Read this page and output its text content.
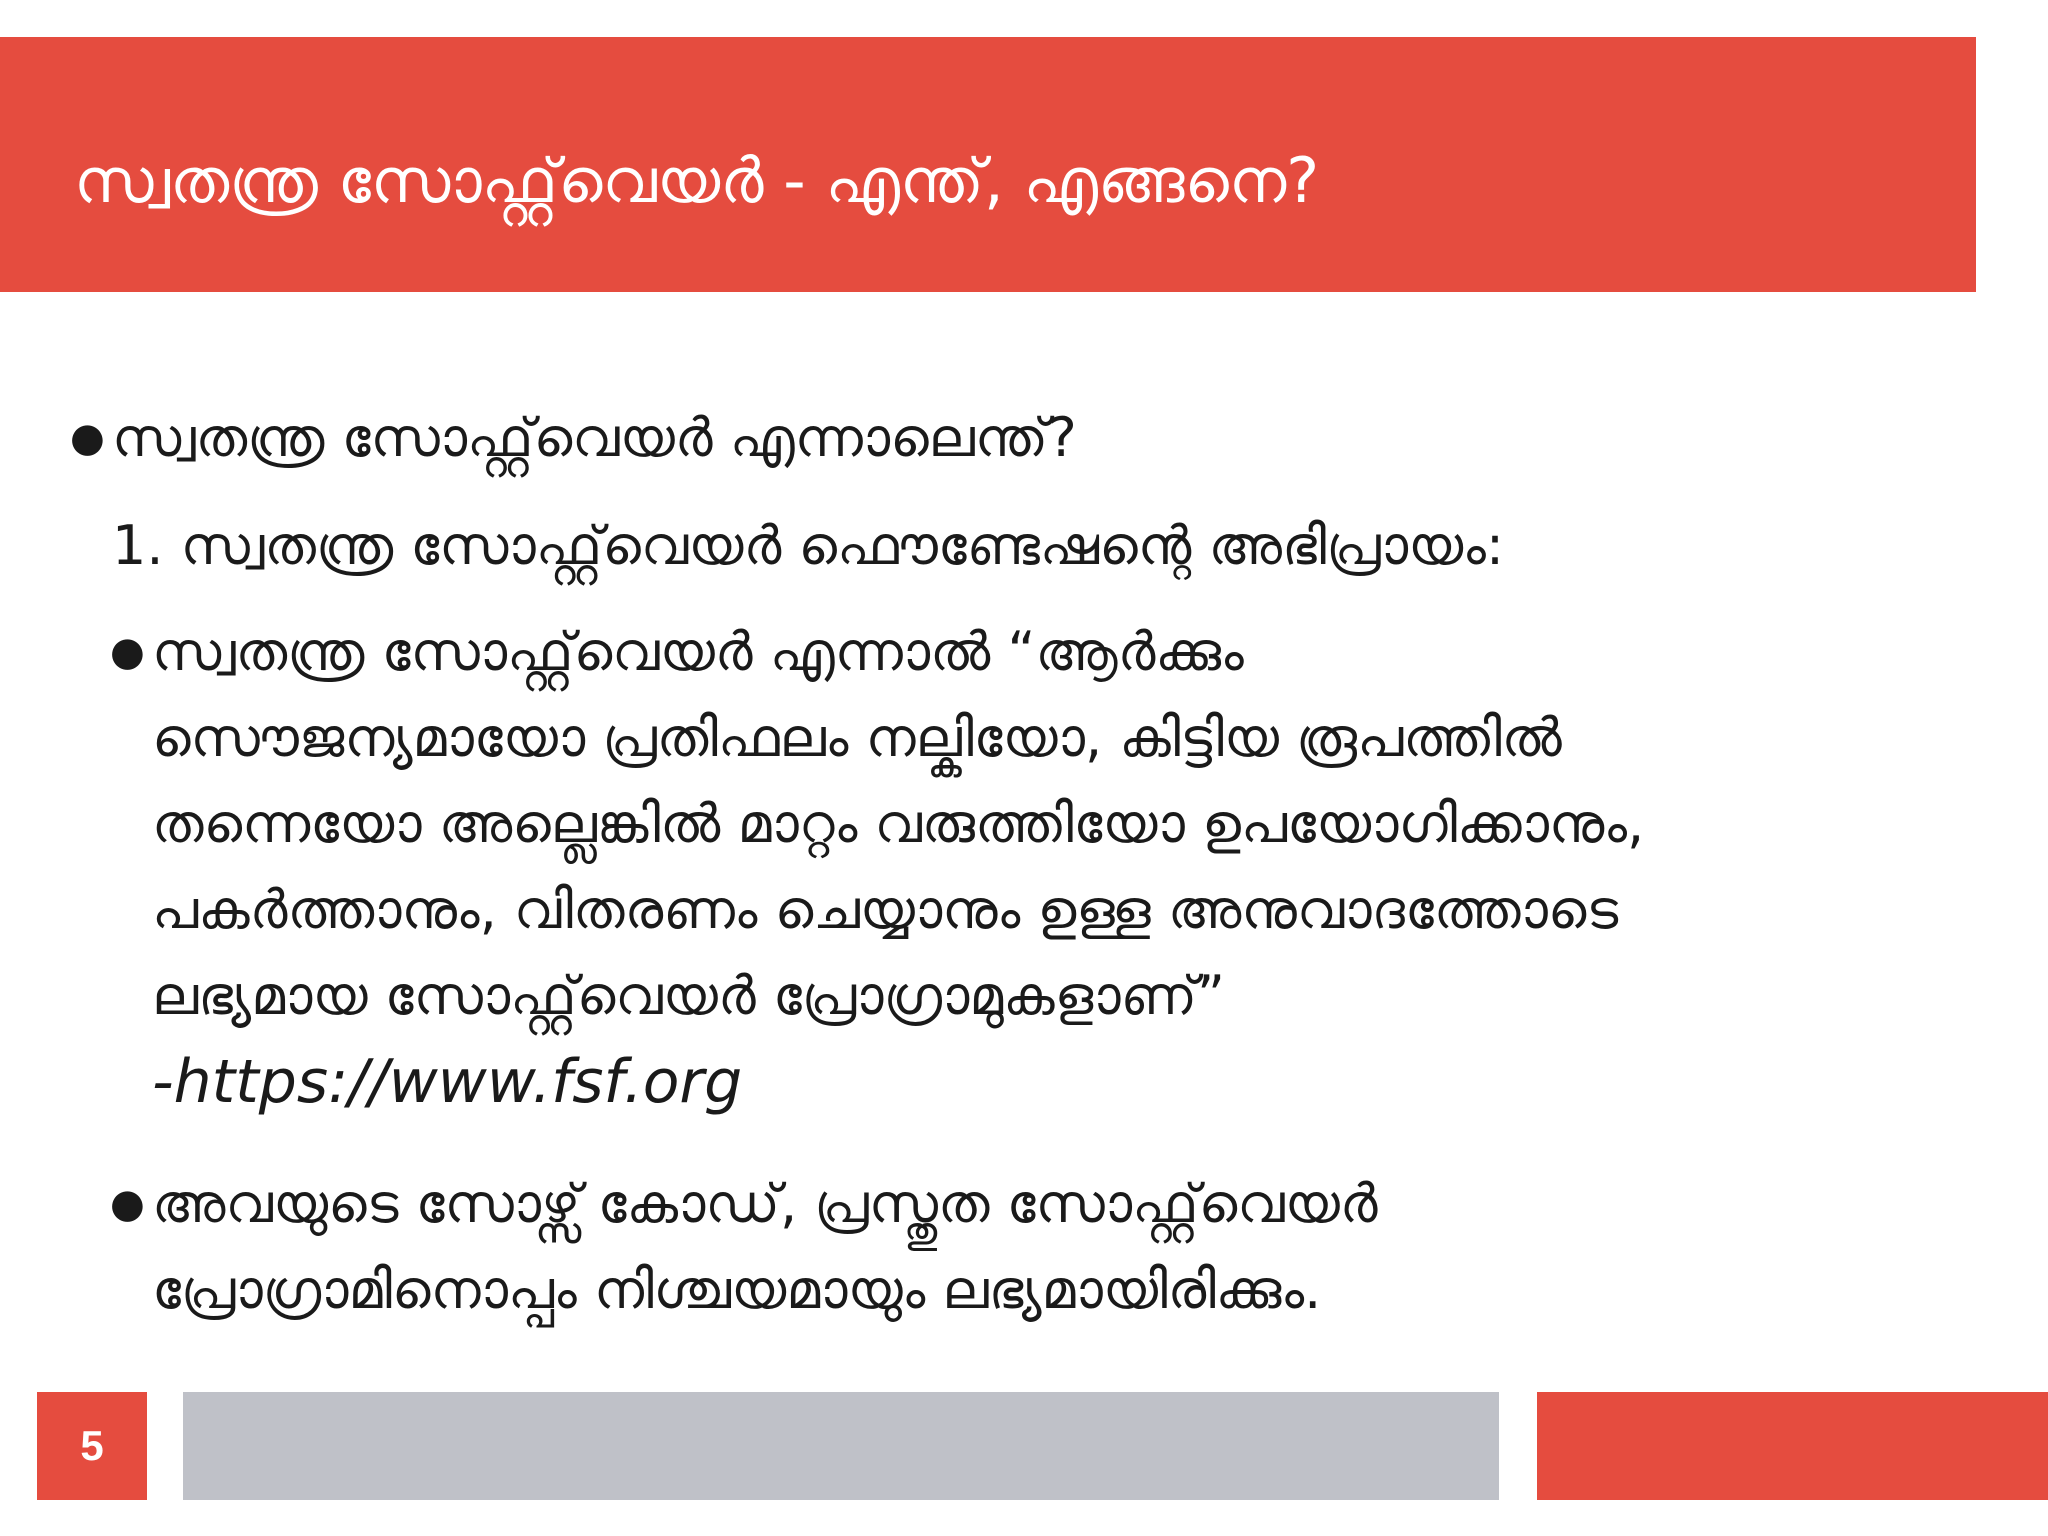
സ്വതന്ത്ര സോഫ്റ്റ്‌വെയർ - എന്ത്, എങ്ങനെ?
● സ്വതന്ത്ര സോഫ്റ്റ്‌വെയർ എന്നാലെന്ത്?
1. സ്വതന്ത്ര സോഫ്റ്റ്‌വെയർ ഫൌണ്ടേഷന്റെ അഭിപ്രായം:
● സ്വതന്ത്ര സോഫ്റ്റ്‌വെയർ എന്നാൽ “ആർക്കും
സൌജന്യമായോ പ്രതിഫലം നല്കിയോ, കിട്ടിയ രൂപത്തിൽ
തന്നെയോ അല്ലെങ്കിൽ മാറ്റം വരുത്തിയോ ഉപയോഗിക്കാനും,
പകർത്താനും, വിതരണം ചെയ്യാനും ഉള്ള അനുവാദത്തോടെ
ലഭ്യമായ സോഫ്റ്റ്‌വെയർ പ്രോഗ്രാമുകളാണ്”
-https://www.fsf.org
● അവയുടെ സോഴ്സ് കോഡ്, പ്രസ്തുത സോഫ്റ്റ്‌വെയർ
പ്രോഗ്രാമിനൊപ്പം നിശ്ചയമായും ലഭ്യമായിരിക്കും.
5
